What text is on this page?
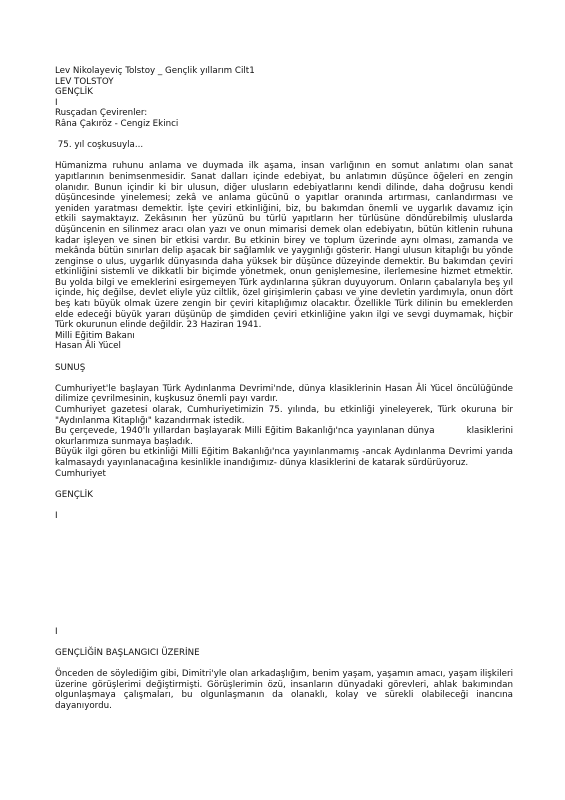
Lev Nikolayeviç Tolstoy _ Gençlik yıllarım Cilt1
LEV TOLSTOY
GENÇLİK
I
Rusçadan Çevirenler:
Râna Çakıröz - Cengiz Ekinci
75. yıl coşkusuyla...
Hümanizma ruhunu anlama ve duymada ilk aşama, insan varlığının en somut anlatımı olan sanat yapıtlarının benimsenmesidir. Sanat dalları içinde edebiyat, bu anlatımın düşünce öğeleri en zengin olanıdır. Bunun içindir ki bir ulusun, diğer ulusların edebiyatlarını kendi dilinde, daha doğrusu kendi düşüncesinde yinelemesi; zekâ ve anlama gücünü o yapıtlar oranında artırması, canlandırması ve yeniden yaratması demektir. İşte çeviri etkinliğini, biz, bu bakımdan önemli ve uygarlık davamız için etkili saymaktayız. Zekâsının her yüzünü bu türlü yapıtların her türlüsüne döndürebilmiş uluslarda düşüncenin en silinmez aracı olan yazı ve onun mimarisi demek olan edebiyatın, bütün kitlenin ruhuna kadar işleyen ve sinen bir etkisi vardır. Bu etkinin birey ve toplum üzerinde aynı olması, zamanda ve mekânda bütün sınırları delip aşacak bir sağlamlık ve yaygınlığı gösterir. Hangi ulusun kitaplığı bu yönde zenginse o ulus, uygarlık dünyasında daha yüksek bir düşünce düzeyinde demektir. Bu bakımdan çeviri etkinliğini sistemli ve dikkatli bir biçimde yönetmek, onun genişlemesine, ilerlemesine hizmet etmektir. Bu yolda bilgi ve emeklerini esirgemeyen Türk aydınlarına şükran duyuyorum. Onların çabalarıyla beş yıl içinde, hiç değilse, devlet eliyle yüz ciltlik, özel girişimlerin çabası ve yine devletin yardımıyla, onun dört beş katı büyük olmak üzere zengin bir çeviri kitaplığımız olacaktır. Özellikle Türk dilinin bu emeklerden elde edeceği büyük yararı düşünüp de şimdiden çeviri etkinliğine yakın ilgi ve sevgi duymamak, hiçbir Türk okurunun elinde değildir. 23 Haziran 1941.
Milli Eğitim Bakanı
Hasan Âli Yücel
SUNUŞ
Cumhuriyet'le başlayan Türk Aydınlanma Devrimi'nde, dünya klasiklerinin Hasan Âli Yücel öncülüğünde dilimize çevrilmesinin, kuşkusuz önemli payı vardır.
Cumhuriyet gazetesi olarak, Cumhuriyetimizin 75. yılında, bu etkinliği yineleyerek, Türk okuruna bir "Aydınlanma Kitaplığı" kazandırmak istedik.
Bu çerçevede, 1940'lı yıllardan başlayarak Milli Eğitim Bakanlığı'nca yayınlanan dünya          klasiklerini okurlarımıza sunmaya başladık.
Büyük ilgi gören bu etkinliği Milli Eğitim Bakanlığı'nca yayınlanmamış -ancak Aydınlanma Devrimi yarıda kalmasaydı yayınlanacağına kesinlikle inandığımız- dünya klasiklerini de katarak sürdürüyoruz.
Cumhuriyet
GENÇLİK
I
I
GENÇLİĞİN BAŞLANGICI ÜZERİNE
Önceden de söylediğim gibi, Dimitri'yle olan arkadaşlığım, benim yaşam, yaşamın amacı, yaşam ilişkileri üzerine görüşlerimi değiştirmişti. Görüşlerimin özü, insanların dünyadaki görevleri, ahlak bakımından olgunlaşmaya çalışmaları, bu olgunlaşmanın da olanaklı, kolay ve sürekli olabileceği inancına dayanıyordu.
